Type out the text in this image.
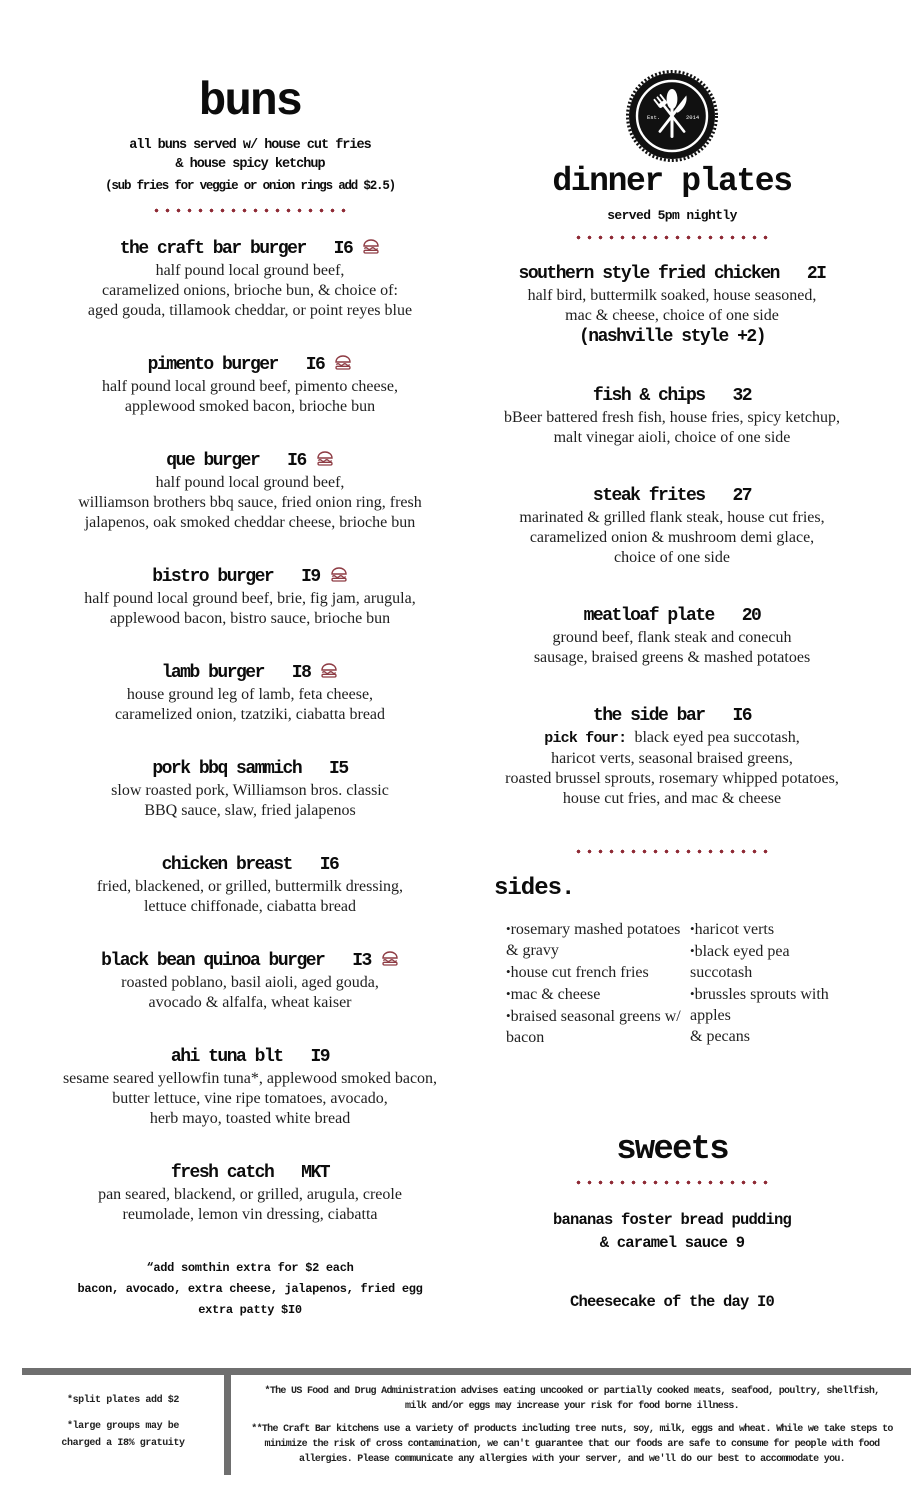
buns
all buns served w/ house cut fries
& house spicy ketchup
(sub fries for veggie or onion rings add $2.5)
the craft bar burger   I6
half pound local ground beef,
caramelized onions, brioche bun, & choice of:
aged gouda, tillamook cheddar, or point reyes blue
pimento burger   I6
half pound local ground beef, pimento cheese,
applewood smoked bacon, brioche bun
que burger   I6
half pound local ground beef,
williamson brothers bbq sauce, fried onion ring, fresh
jalapenos, oak smoked cheddar cheese, brioche bun
bistro burger   I9
half pound local ground beef, brie, fig jam, arugula,
applewood bacon, bistro sauce, brioche bun
lamb burger   I8
house ground leg of lamb, feta cheese,
caramelized onion, tzatziki, ciabatta bread
pork bbq sammich   I5
slow roasted pork, Williamson bros. classic
BBQ sauce, slaw, fried jalapenos
chicken breast   I6
fried, blackened, or grilled, buttermilk dressing,
lettuce chiffonade, ciabatta bread
black bean quinoa burger   I3
roasted poblano, basil aioli, aged gouda,
avocado & alfalfa, wheat kaiser
ahi tuna blt   I9
sesame seared yellowfin tuna*, applewood smoked bacon,
butter lettuce, vine ripe tomatoes, avocado,
herb mayo, toasted white bread
fresh catch   MKT
pan seared, blackend, or grilled, arugula, creole
reumolade, lemon vin dressing, ciabatta
“add somthin extra for $2 each
bacon, avocado, extra cheese, jalapenos, fried egg
extra patty $I0
Est.	2014
dinner plates
served 5pm nightly
southern style fried chicken   2I
half bird, buttermilk soaked, house seasoned,
mac & cheese, choice of one side
(nashville style +2)
fish & chips   32
bBeer battered fresh fish, house fries, spicy ketchup,
malt vinegar aioli, choice of one side
steak frites   27
marinated & grilled flank steak, house cut fries,
caramelized onion & mushroom demi glace,
choice of one side
meatloaf plate   20
ground beef, flank steak and conecuh
sausage, braised greens & mashed potatoes
the side bar   I6
pick four: black eyed pea succotash,
haricot verts, seasonal braised greens,
roasted brussel sprouts, rosemary whipped potatoes,
house cut fries, and mac & cheese
sides.
•rosemary mashed potatoes
& gravy
•house cut french fries
•mac & cheese
•braised seasonal greens w/
bacon
•haricot verts
•black eyed pea succotash
•brussles sprouts with apples
& pecans
sweets
bananas foster bread pudding
& caramel sauce 9
Cheesecake of the day I0
*split plates add $2
*large groups may be
charged a I8% gratuity
*The US Food and Drug Administration advises eating uncooked or partially cooked meats, seafood, poultry, shellfish,
milk and/or eggs may increase your risk for food borne illness.
**The Craft Bar kitchens use a variety of products including tree nuts, soy, milk, eggs and wheat. While we take steps to
minimize the risk of cross contamination, we can't guarantee that our foods are safe to consume for people with food
allergies. Please communicate any allergies with your server, and we'll do our best to accommodate you.
